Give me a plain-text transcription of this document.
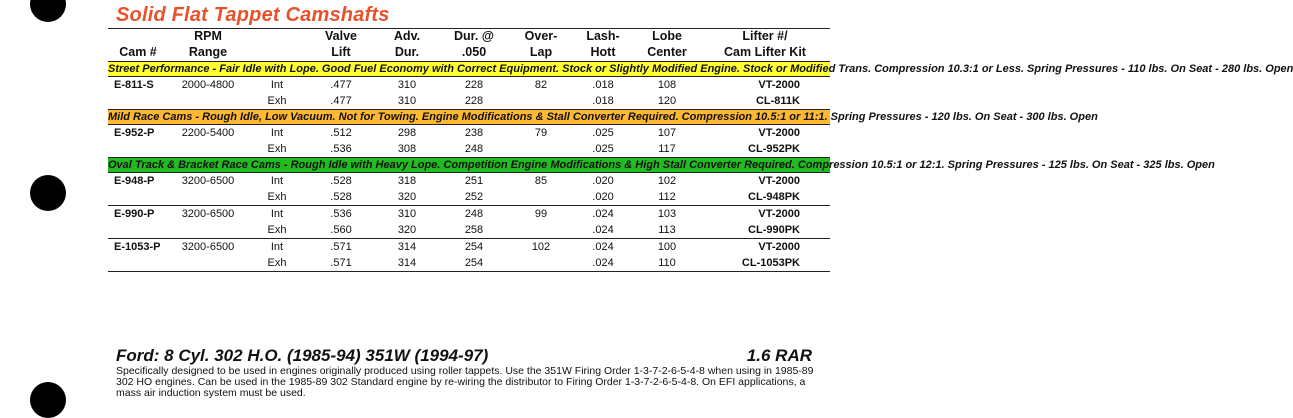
Solid Flat Tappet Camshafts
	RPM		Valve	Adv.	Dur. @	Over-	Lash-	Lobe	Lifter #/
Cam #	Range		Lift	Dur.	.050	Lap	Hott	Center	Cam Lifter Kit
Street Performance - Fair Idle with Lope. Good Fuel Economy with Correct Equipment. Stock or Slightly Modified Engine. Stock or Modified Trans. Compression 10.3:1 or Less. Spring Pressures - 110 lbs. On Seat - 280 lbs. Open									
E-811-S	2000-4800	Int	.477	310	228	82	.018	108	VT-2000
		Exh	.477	310	228		.018	120	CL-811K
Mild Race Cams - Rough Idle, Low Vacuum. Not for Towing. Engine Modifications & Stall Converter Required. Compression 10.5:1 or 11:1. Spring Pressures - 120 lbs. On Seat - 300 lbs. Open									
E-952-P	2200-5400	Int	.512	298	238	79	.025	107	VT-2000
		Exh	.536	308	248		.025	117	CL-952PK
Oval Track & Bracket Race Cams - Rough Idle with Heavy Lope. Competition Engine Modifications & High Stall Converter Required. Compression 10.5:1 or 12:1. Spring Pressures - 125 lbs. On Seat - 325 lbs. Open									
E-948-P	3200-6500	Int	.528	318	251	85	.020	102	VT-2000
		Exh	.528	320	252		.020	112	CL-948PK
E-990-P	3200-6500	Int	.536	310	248	99	.024	103	VT-2000
		Exh	.560	320	258		.024	113	CL-990PK
E-1053-P	3200-6500	Int	.571	314	254	102	.024	100	VT-2000
		Exh	.571	314	254		.024	110	CL-1053PK
Ford: 8 Cyl. 302 H.O. (1985-94) 351W (1994-97)	1.6 RAR
Specifically designed to be used in engines originally produced using roller tappets. Use the 351W Firing Order 1-3-7-2-6-5-4-8 when using in 1985-89 302 HO engines. Can be used in the 1985-89 302 Standard engine by re-wiring the distributor to Firing Order 1-3-7-2-6-5-4-8. On EFI applications, a mass air induction system must be used.
